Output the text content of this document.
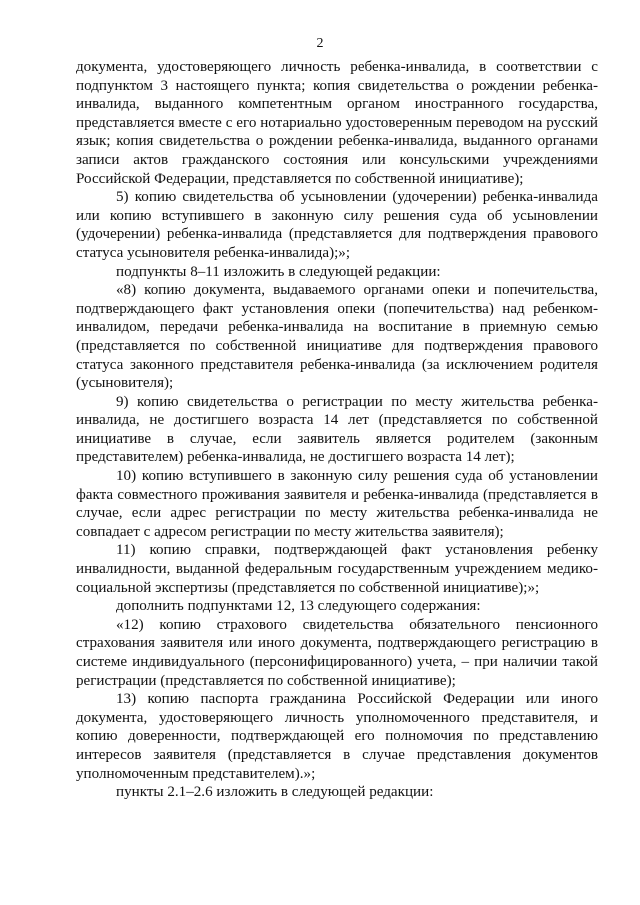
2

документа, удостоверяющего личность ребенка-инвалида, в соответствии с подпунктом 3 настоящего пункта; копия свидетельства о рождении ребенка-инвалида, выданного компетентным органом иностранного государства, представляется вместе с его нотариально удостоверенным переводом на русский язык; копия свидетельства о рождении ребенка-инвалида, выданного органами записи актов гражданского состояния или консульскими учреждениями Российской Федерации, представляется по собственной инициативе);

5) копию свидетельства об усыновлении (удочерении) ребенка-инвалида или копию вступившего в законную силу решения суда об усыновлении (удочерении) ребенка-инвалида (представляется для подтверждения правового статуса усыновителя ребенка-инвалида);»;

подпункты 8–11 изложить в следующей редакции:

«8) копию документа, выдаваемого органами опеки и попечительства, подтверждающего факт установления опеки (попечительства) над ребенком-инвалидом, передачи ребенка-инвалида на воспитание в приемную семью (представляется по собственной инициативе для подтверждения правового статуса законного представителя ребенка-инвалида (за исключением родителя (усыновителя);

9) копию свидетельства о регистрации по месту жительства ребенка-инвалида, не достигшего возраста 14 лет (представляется по собственной инициативе в случае, если заявитель является родителем (законным представителем) ребенка-инвалида, не достигшего возраста 14 лет);

10) копию вступившего в законную силу решения суда об установлении факта совместного проживания заявителя и ребенка-инвалида (представляется в случае, если адрес регистрации по месту жительства ребенка-инвалида не совпадает с адресом регистрации по месту жительства заявителя);

11) копию справки, подтверждающей факт установления ребенку инвалидности, выданной федеральным государственным учреждением медико-социальной экспертизы (представляется по собственной инициативе);»;

дополнить подпунктами 12, 13 следующего содержания:

«12) копию страхового свидетельства обязательного пенсионного страхования заявителя или иного документа, подтверждающего регистрацию в системе индивидуального (персонифицированного) учета, – при наличии такой регистрации (представляется по собственной инициативе);

13) копию паспорта гражданина Российской Федерации или иного документа, удостоверяющего личность уполномоченного представителя, и копию доверенности, подтверждающей его полномочия по представлению интересов заявителя (представляется в случае представления документов уполномоченным представителем).»;

пункты 2.1–2.6 изложить в следующей редакции:
